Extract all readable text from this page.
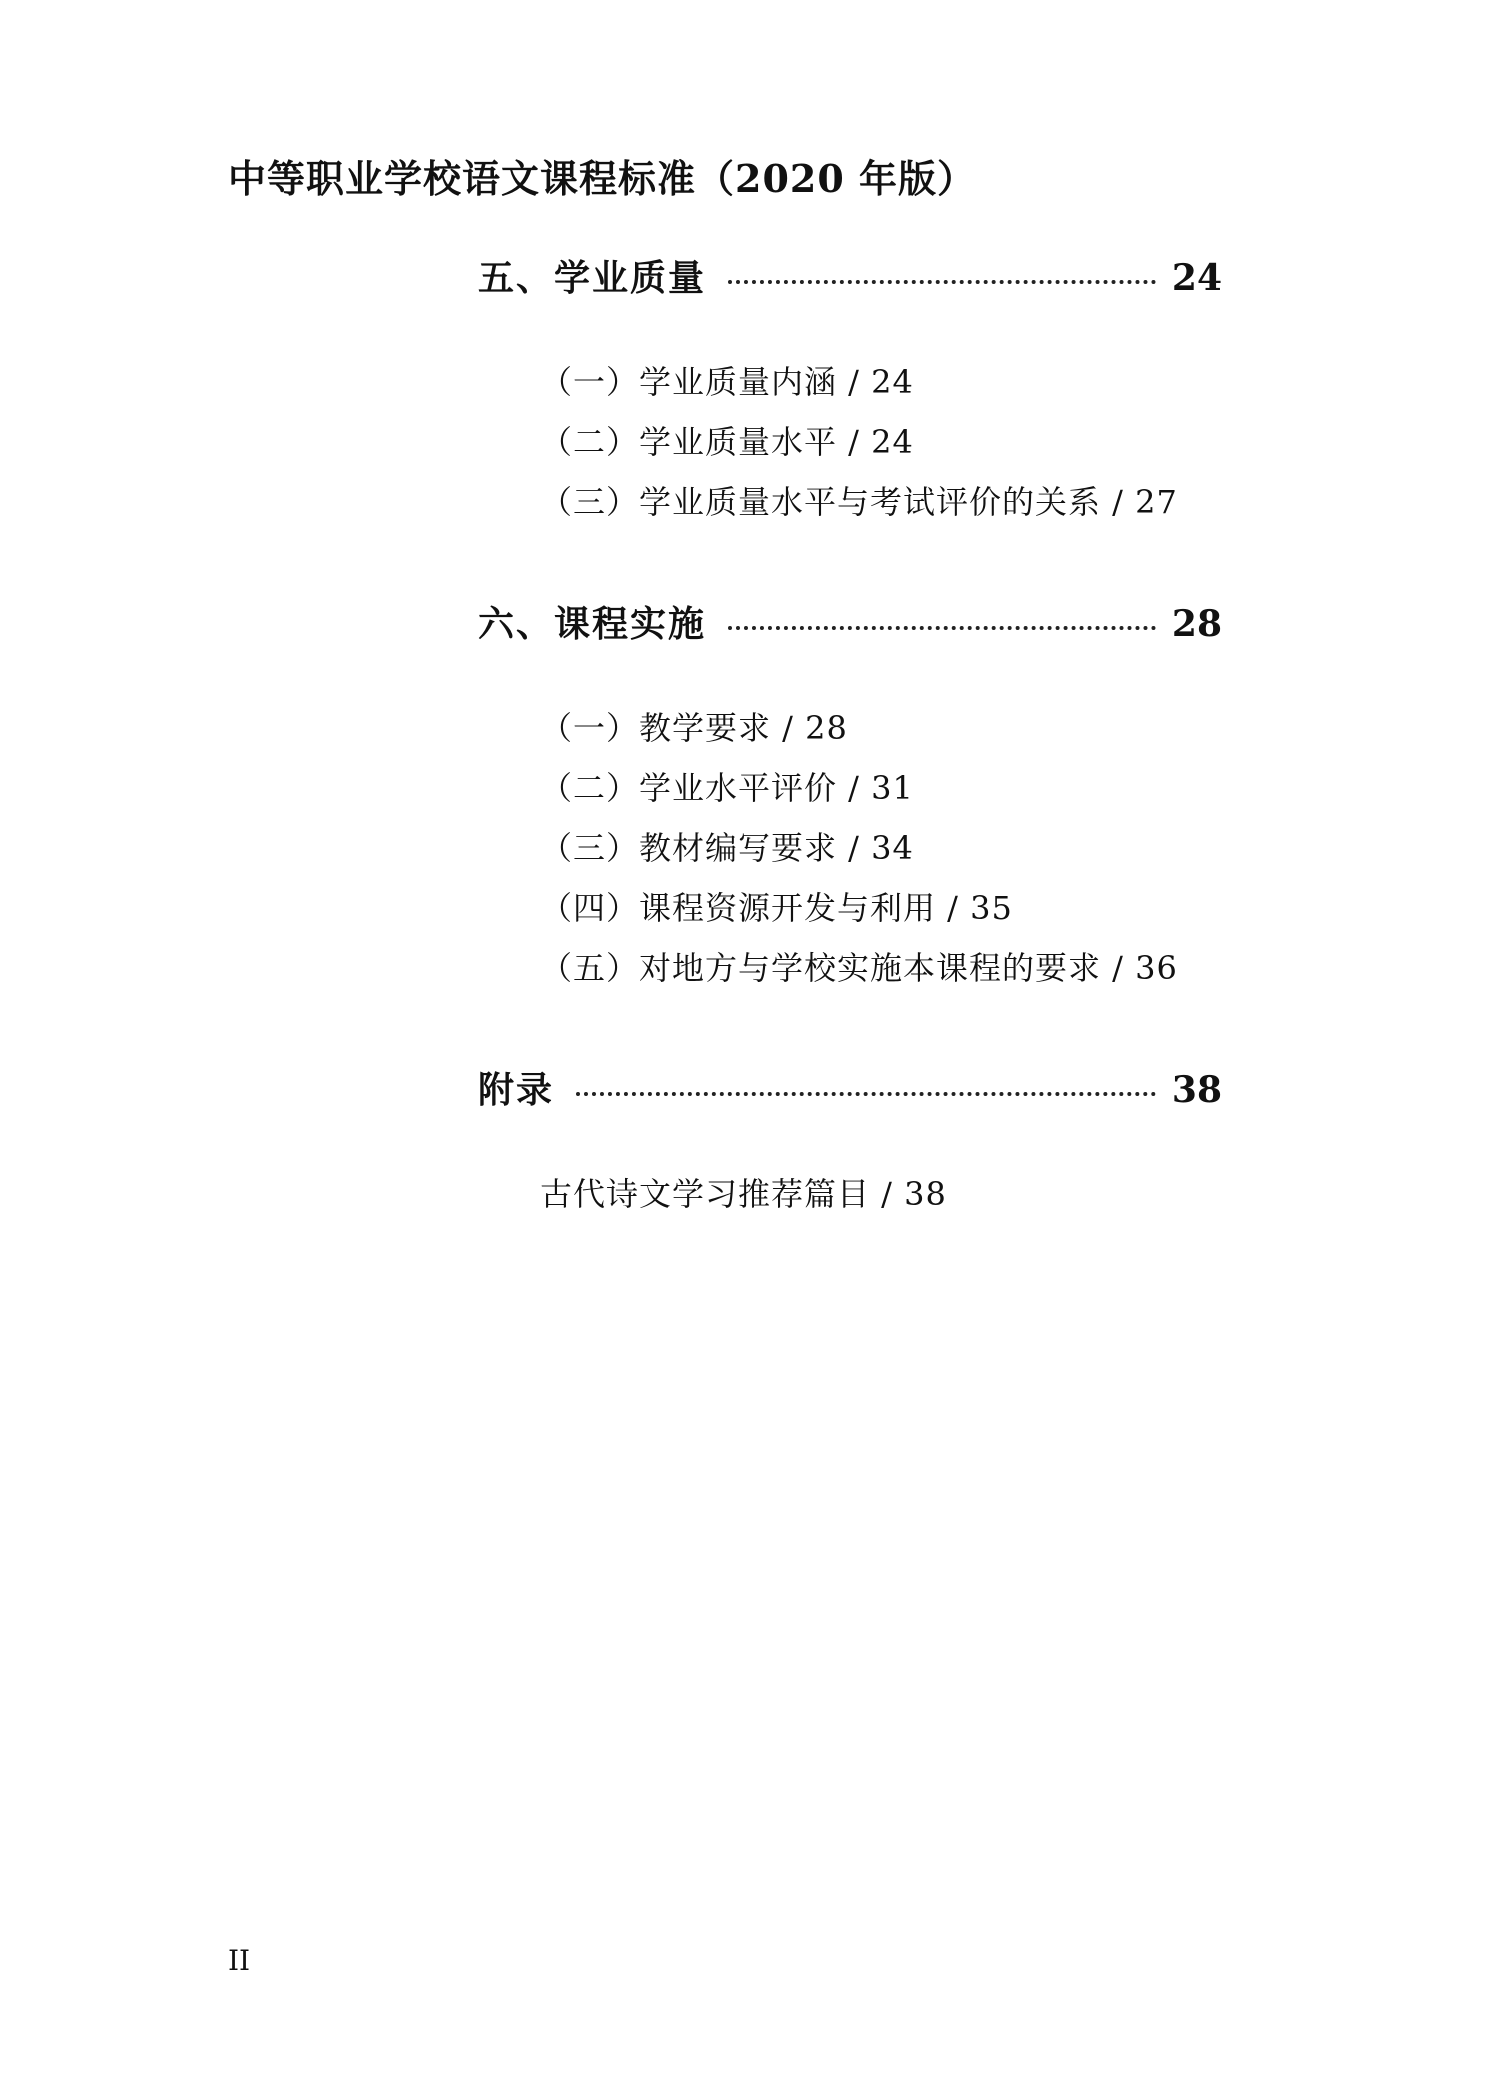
中等职业学校语文课程标准（2020 年版）
五、学业质量	24
（一）学业质量内涵 / 24
（二）学业质量水平 / 24
（三）学业质量水平与考试评价的关系 / 27
六、课程实施	28
（一）教学要求 / 28
（二）学业水平评价 / 31
（三）教材编写要求 / 34
（四）课程资源开发与利用 / 35
（五）对地方与学校实施本课程的要求 / 36
附录	38
古代诗文学习推荐篇目 / 38
II
